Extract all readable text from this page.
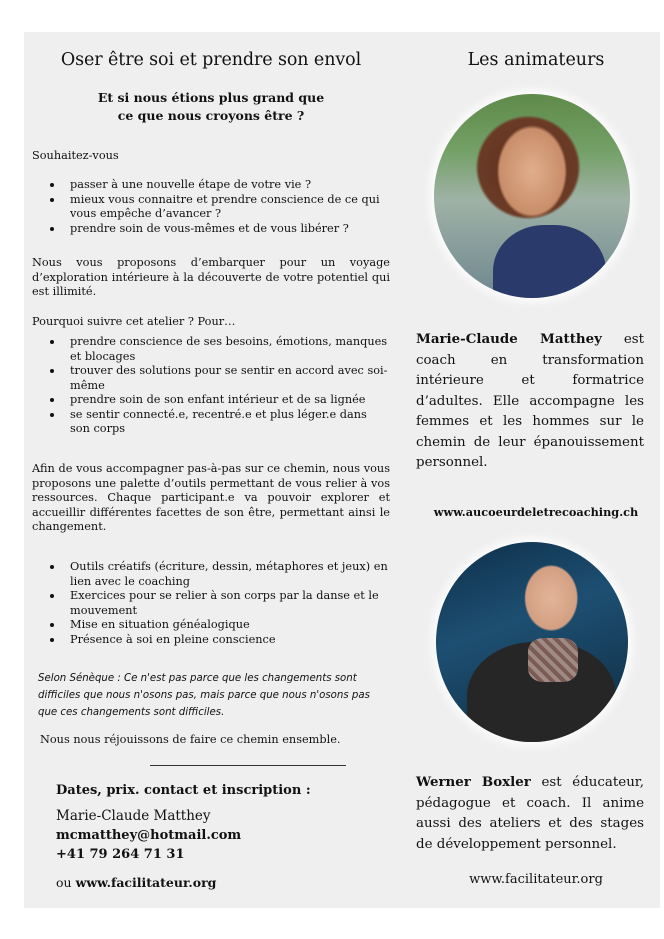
Oser être soi et prendre son envol
Et si nous étions plus grand que
ce que nous croyons être ?
Souhaitez-vous
passer à une nouvelle étape de votre vie ?
mieux vous connaitre et prendre conscience de ce qui vous empêche d’avancer ?
prendre soin de vous-mêmes et de vous libérer ?
Nous vous proposons d’embarquer pour un voyage d’exploration intérieure à la découverte de votre potentiel qui est illimité.
Pourquoi suivre cet atelier ? Pour…
prendre conscience de ses besoins, émotions, manques et blocages
trouver des solutions pour se sentir en accord avec soi-même
prendre soin de son enfant intérieur et de sa lignée
se sentir connecté.e, recentré.e et plus léger.e dans son corps
Afin de vous accompagner pas-à-pas sur ce chemin, nous vous proposons une palette d’outils permettant de vous relier à vos ressources. Chaque participant.e va pouvoir explorer et accueillir différentes facettes de son être, permettant ainsi le changement.
Outils créatifs (écriture, dessin, métaphores et jeux) en lien avec le coaching
Exercices pour se relier à son corps par la danse et le mouvement
Mise en situation généalogique
Présence à soi en pleine conscience
Selon Sénèque : Ce n'est pas parce que les changements sont difficiles que nous n'osons pas, mais parce que nous n'osons pas que ces changements sont difficiles.
Nous nous réjouissons de faire ce chemin ensemble.
Dates, prix. contact et inscription :
Marie-Claude Matthey
mcmatthey@hotmail.com
+41 79 264 71 31
ou www.facilitateur.org
Les animateurs
Marie-Claude Matthey est coach en transformation intérieure et formatrice d’adultes. Elle accompagne les femmes et les hommes sur le chemin de leur épanouissement personnel.
www.aucoeurdeletrecoaching.ch
Werner Boxler est éducateur, pédagogue et coach. Il anime aussi des ateliers et des stages de développement personnel.
www.facilitateur.org
